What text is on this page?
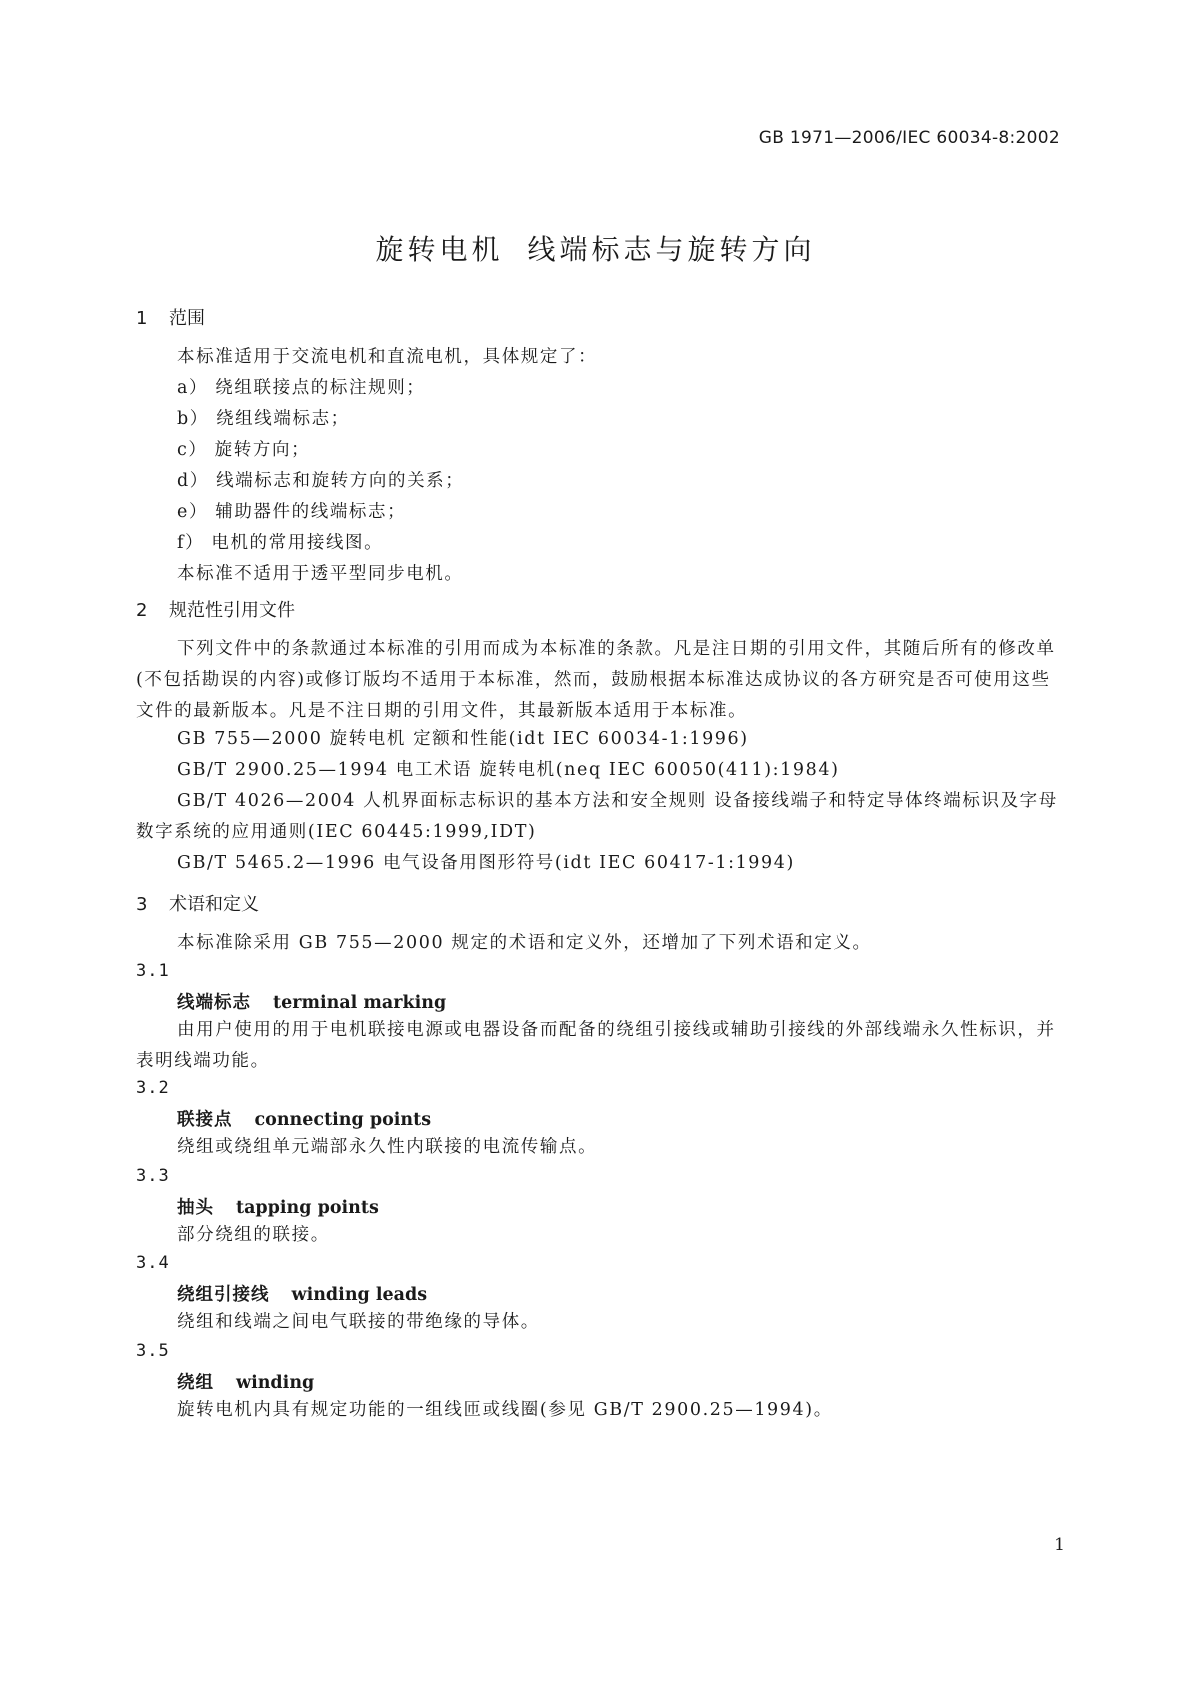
GB 1971—2006/IEC 60034-8:2002
旋转电机 线端标志与旋转方向
1 范围
本标准适用于交流电机和直流电机，具体规定了：
a） 绕组联接点的标注规则；
b） 绕组线端标志；
c） 旋转方向；
d） 线端标志和旋转方向的关系；
e） 辅助器件的线端标志；
f） 电机的常用接线图。
本标准不适用于透平型同步电机。
2 规范性引用文件
下列文件中的条款通过本标准的引用而成为本标准的条款。凡是注日期的引用文件，其随后所有的修改单(不包括勘误的内容)或修订版均不适用于本标准，然而，鼓励根据本标准达成协议的各方研究是否可使用这些文件的最新版本。凡是不注日期的引用文件，其最新版本适用于本标准。
GB 755—2000 旋转电机 定额和性能(idt IEC 60034-1:1996)
GB/T 2900.25—1994 电工术语 旋转电机(neq IEC 60050(411):1984)
GB/T 4026—2004 人机界面标志标识的基本方法和安全规则 设备接线端子和特定导体终端标识及字母数字系统的应用通则(IEC 60445:1999,IDT)
GB/T 5465.2—1996 电气设备用图形符号(idt IEC 60417-1:1994)
3 术语和定义
本标准除采用 GB 755—2000 规定的术语和定义外，还增加了下列术语和定义。
3.1
线端标志 terminal marking
由用户使用的用于电机联接电源或电器设备而配备的绕组引接线或辅助引接线的外部线端永久性标识，并表明线端功能。
3.2
联接点 connecting points
绕组或绕组单元端部永久性内联接的电流传输点。
3.3
抽头 tapping points
部分绕组的联接。
3.4
绕组引接线 winding leads
绕组和线端之间电气联接的带绝缘的导体。
3.5
绕组 winding
旋转电机内具有规定功能的一组线匝或线圈(参见 GB/T 2900.25—1994)。
1
